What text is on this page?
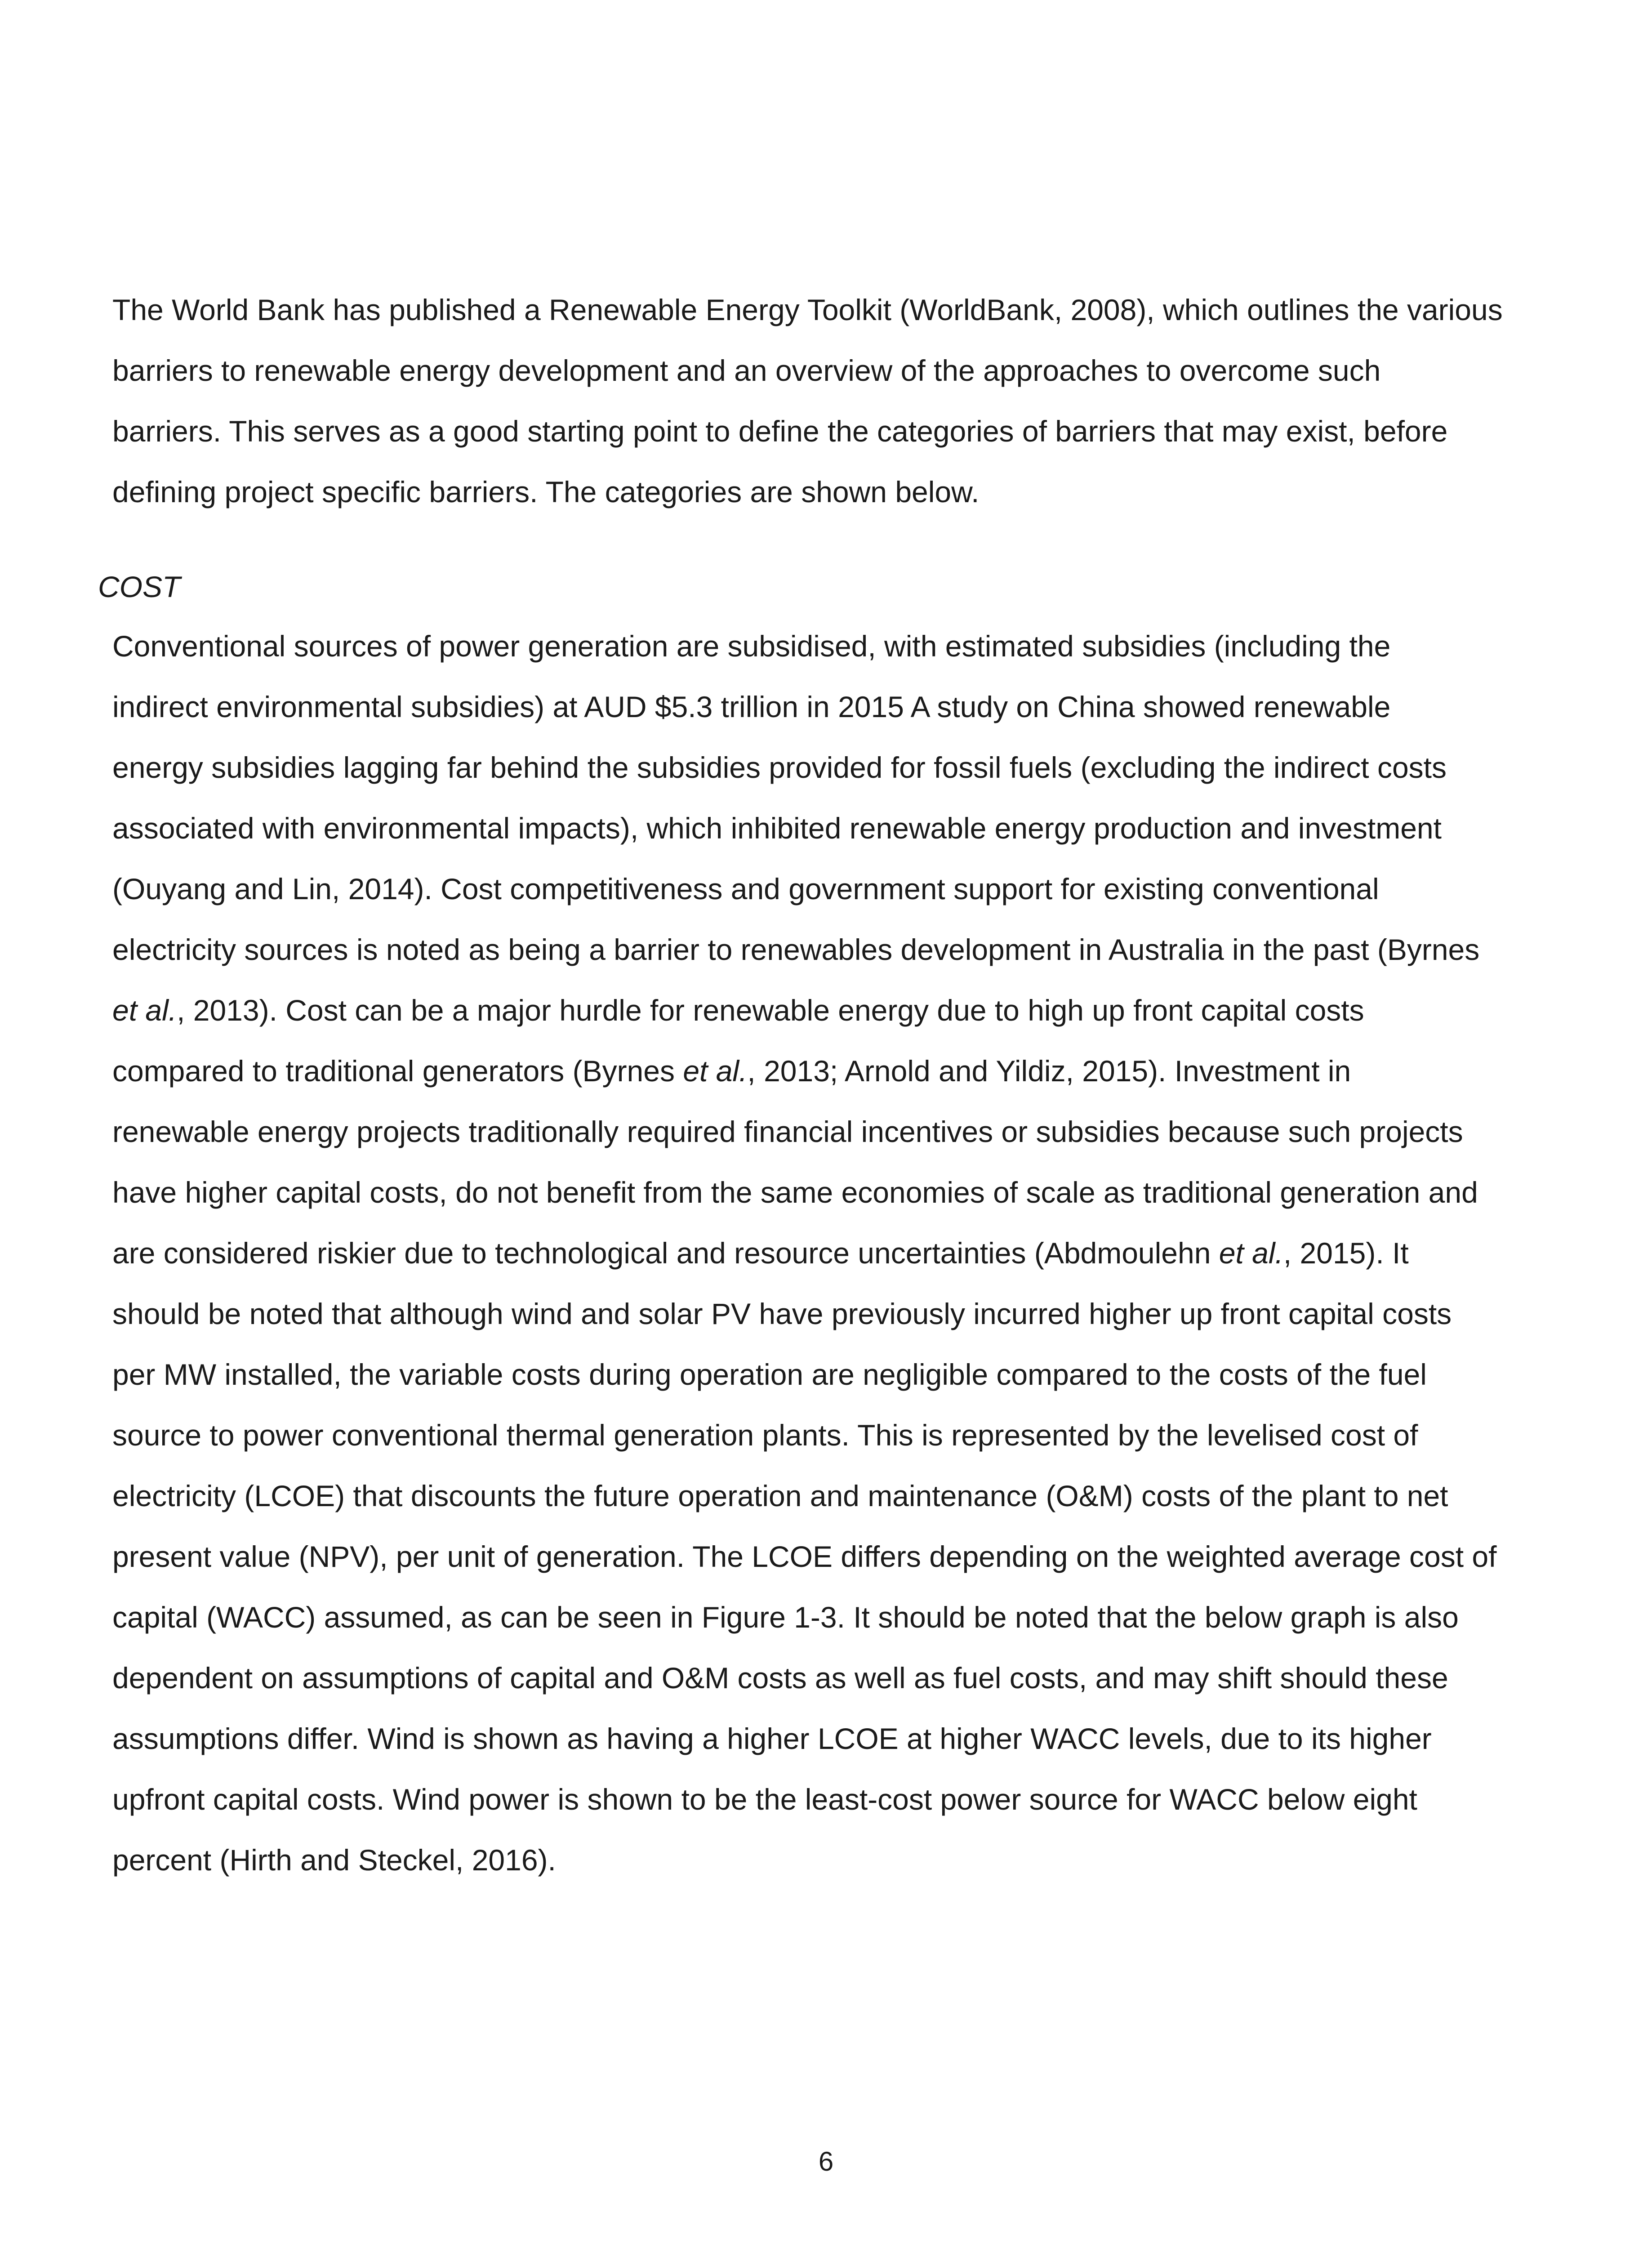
The World Bank has published a Renewable Energy Toolkit (WorldBank, 2008), which outlines the various
barriers to renewable energy development and an overview of the approaches to overcome such
barriers. This serves as a good starting point to define the categories of barriers that may exist, before
defining project specific barriers. The categories are shown below.

COST

Conventional sources of power generation are subsidised, with estimated subsidies (including the
indirect environmental subsidies) at AUD $5.3 trillion in 2015 A study on China showed renewable
energy subsidies lagging far behind the subsidies provided for fossil fuels (excluding the indirect costs
associated with environmental impacts), which inhibited renewable energy production and investment
(Ouyang and Lin, 2014). Cost competitiveness and government support for existing conventional
electricity sources is noted as being a barrier to renewables development in Australia in the past (Byrnes
et al., 2013). Cost can be a major hurdle for renewable energy due to high up front capital costs
compared to traditional generators (Byrnes et al., 2013; Arnold and Yildiz, 2015). Investment in
renewable energy projects traditionally required financial incentives or subsidies because such projects
have higher capital costs, do not benefit from the same economies of scale as traditional generation and
are considered riskier due to technological and resource uncertainties (Abdmoulehn et al., 2015). It
should be noted that although wind and solar PV have previously incurred higher up front capital costs
per MW installed, the variable costs during operation are negligible compared to the costs of the fuel
source to power conventional thermal generation plants. This is represented by the levelised cost of
electricity (LCOE) that discounts the future operation and maintenance (O&M) costs of the plant to net
present value (NPV), per unit of generation. The LCOE differs depending on the weighted average cost of
capital (WACC) assumed, as can be seen in Figure 1-3. It should be noted that the below graph is also
dependent on assumptions of capital and O&M costs as well as fuel costs, and may shift should these
assumptions differ. Wind is shown as having a higher LCOE at higher WACC levels, due to its higher
upfront capital costs. Wind power is shown to be the least-cost power source for WACC below eight
percent (Hirth and Steckel, 2016).

6
